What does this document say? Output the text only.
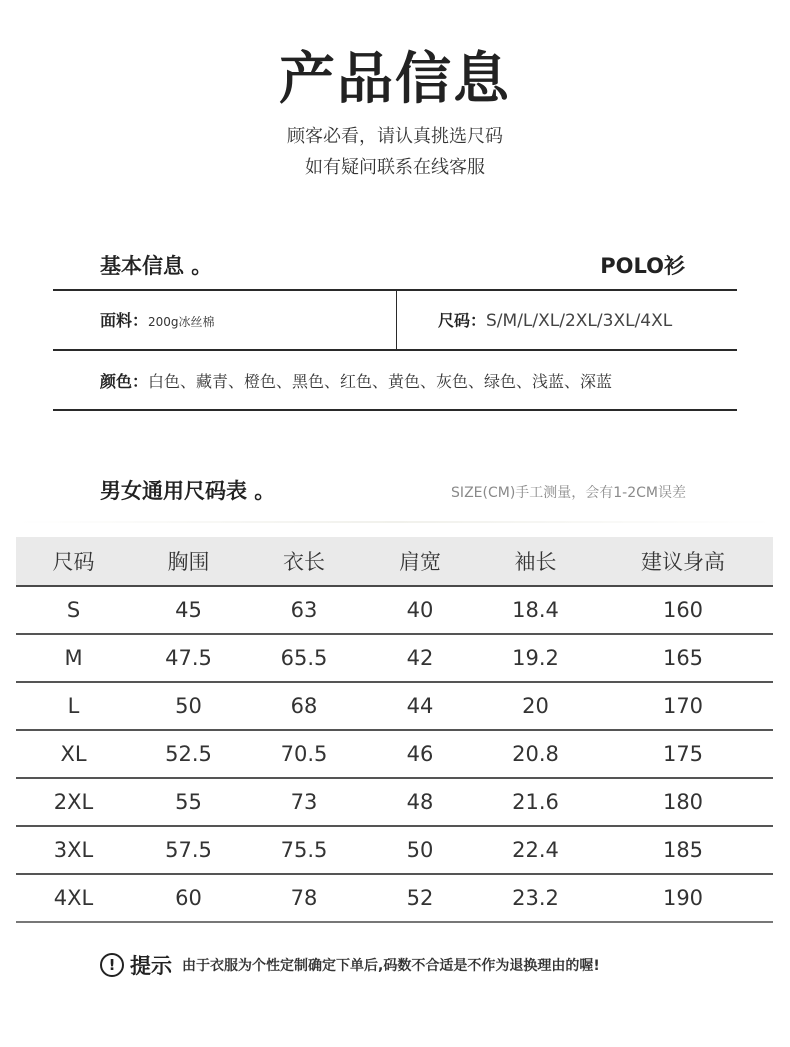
产品信息
顾客必看，请认真挑选尺码
如有疑问联系在线客服
基本信息 。	POLO衫
面料：200g冰丝棉	尺码：S/M/L/XL/2XL/3XL/4XL
颜色：白色、藏青、橙色、黑色、红色、黄色、灰色、绿色、浅蓝、深蓝
男女通用尺码表 。	SIZE(CM)手工测量，会有1-2CM误差
尺码	胸围	衣长	肩宽	袖长	建议身高
S	45	63	40	18.4	160
M	47.5	65.5	42	19.2	165
L	50	68	44	20	170
XL	52.5	70.5	46	20.8	175
2XL	55	73	48	21.6	180
3XL	57.5	75.5	50	22.4	185
4XL	60	78	52	23.2	190
! 提示 由于衣服为个性定制确定下单后,码数不合适是不作为退换理由的喔!
